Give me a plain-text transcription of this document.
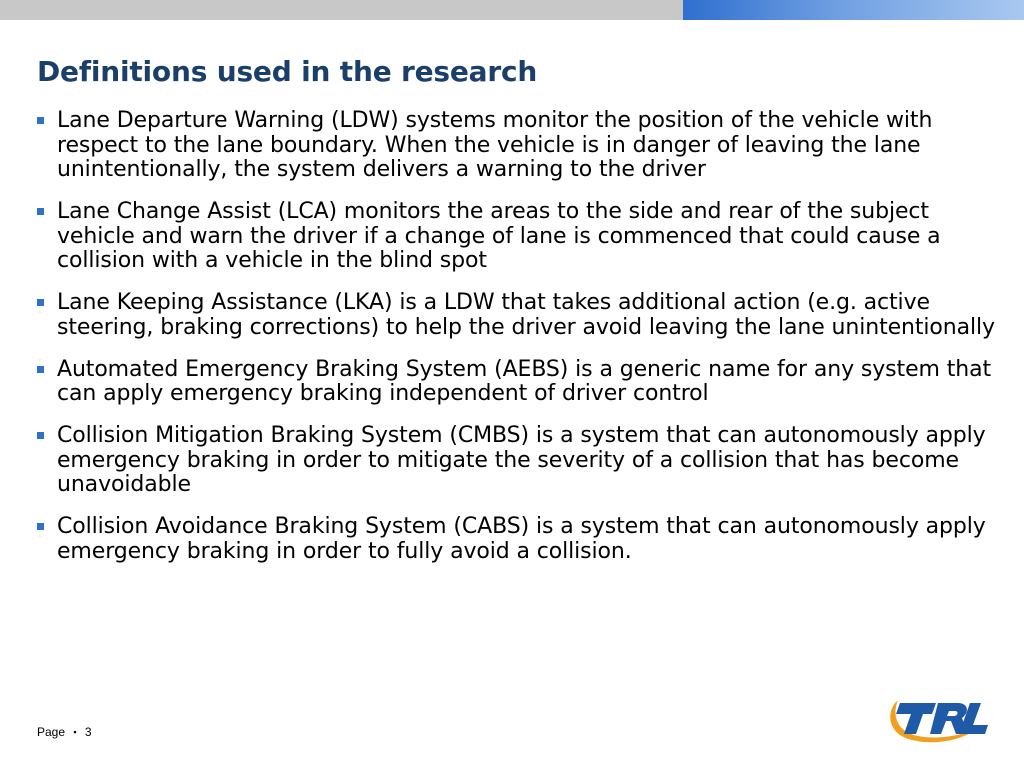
Definitions used in the research
Lane Departure Warning (LDW) systems monitor the position of the vehicle with respect to the lane boundary. When the vehicle is in danger of leaving the lane unintentionally, the system delivers a warning to the driver
Lane Change Assist (LCA) monitors the areas to the side and rear of the subject vehicle and warn the driver if a change of lane is commenced that could cause a collision with a vehicle in the blind spot
Lane Keeping Assistance (LKA) is a LDW that takes additional action (e.g. active steering, braking corrections) to help the driver avoid leaving the lane unintentionally
Automated Emergency Braking System (AEBS) is a generic name for any system that can apply emergency braking independent of driver control
Collision Mitigation Braking System (CMBS) is a system that can autonomously apply emergency braking in order to mitigate the severity of a collision that has become unavoidable
Collision Avoidance Braking System (CABS) is a system that can autonomously apply emergency braking in order to fully avoid a collision.
Page ▪ 3
